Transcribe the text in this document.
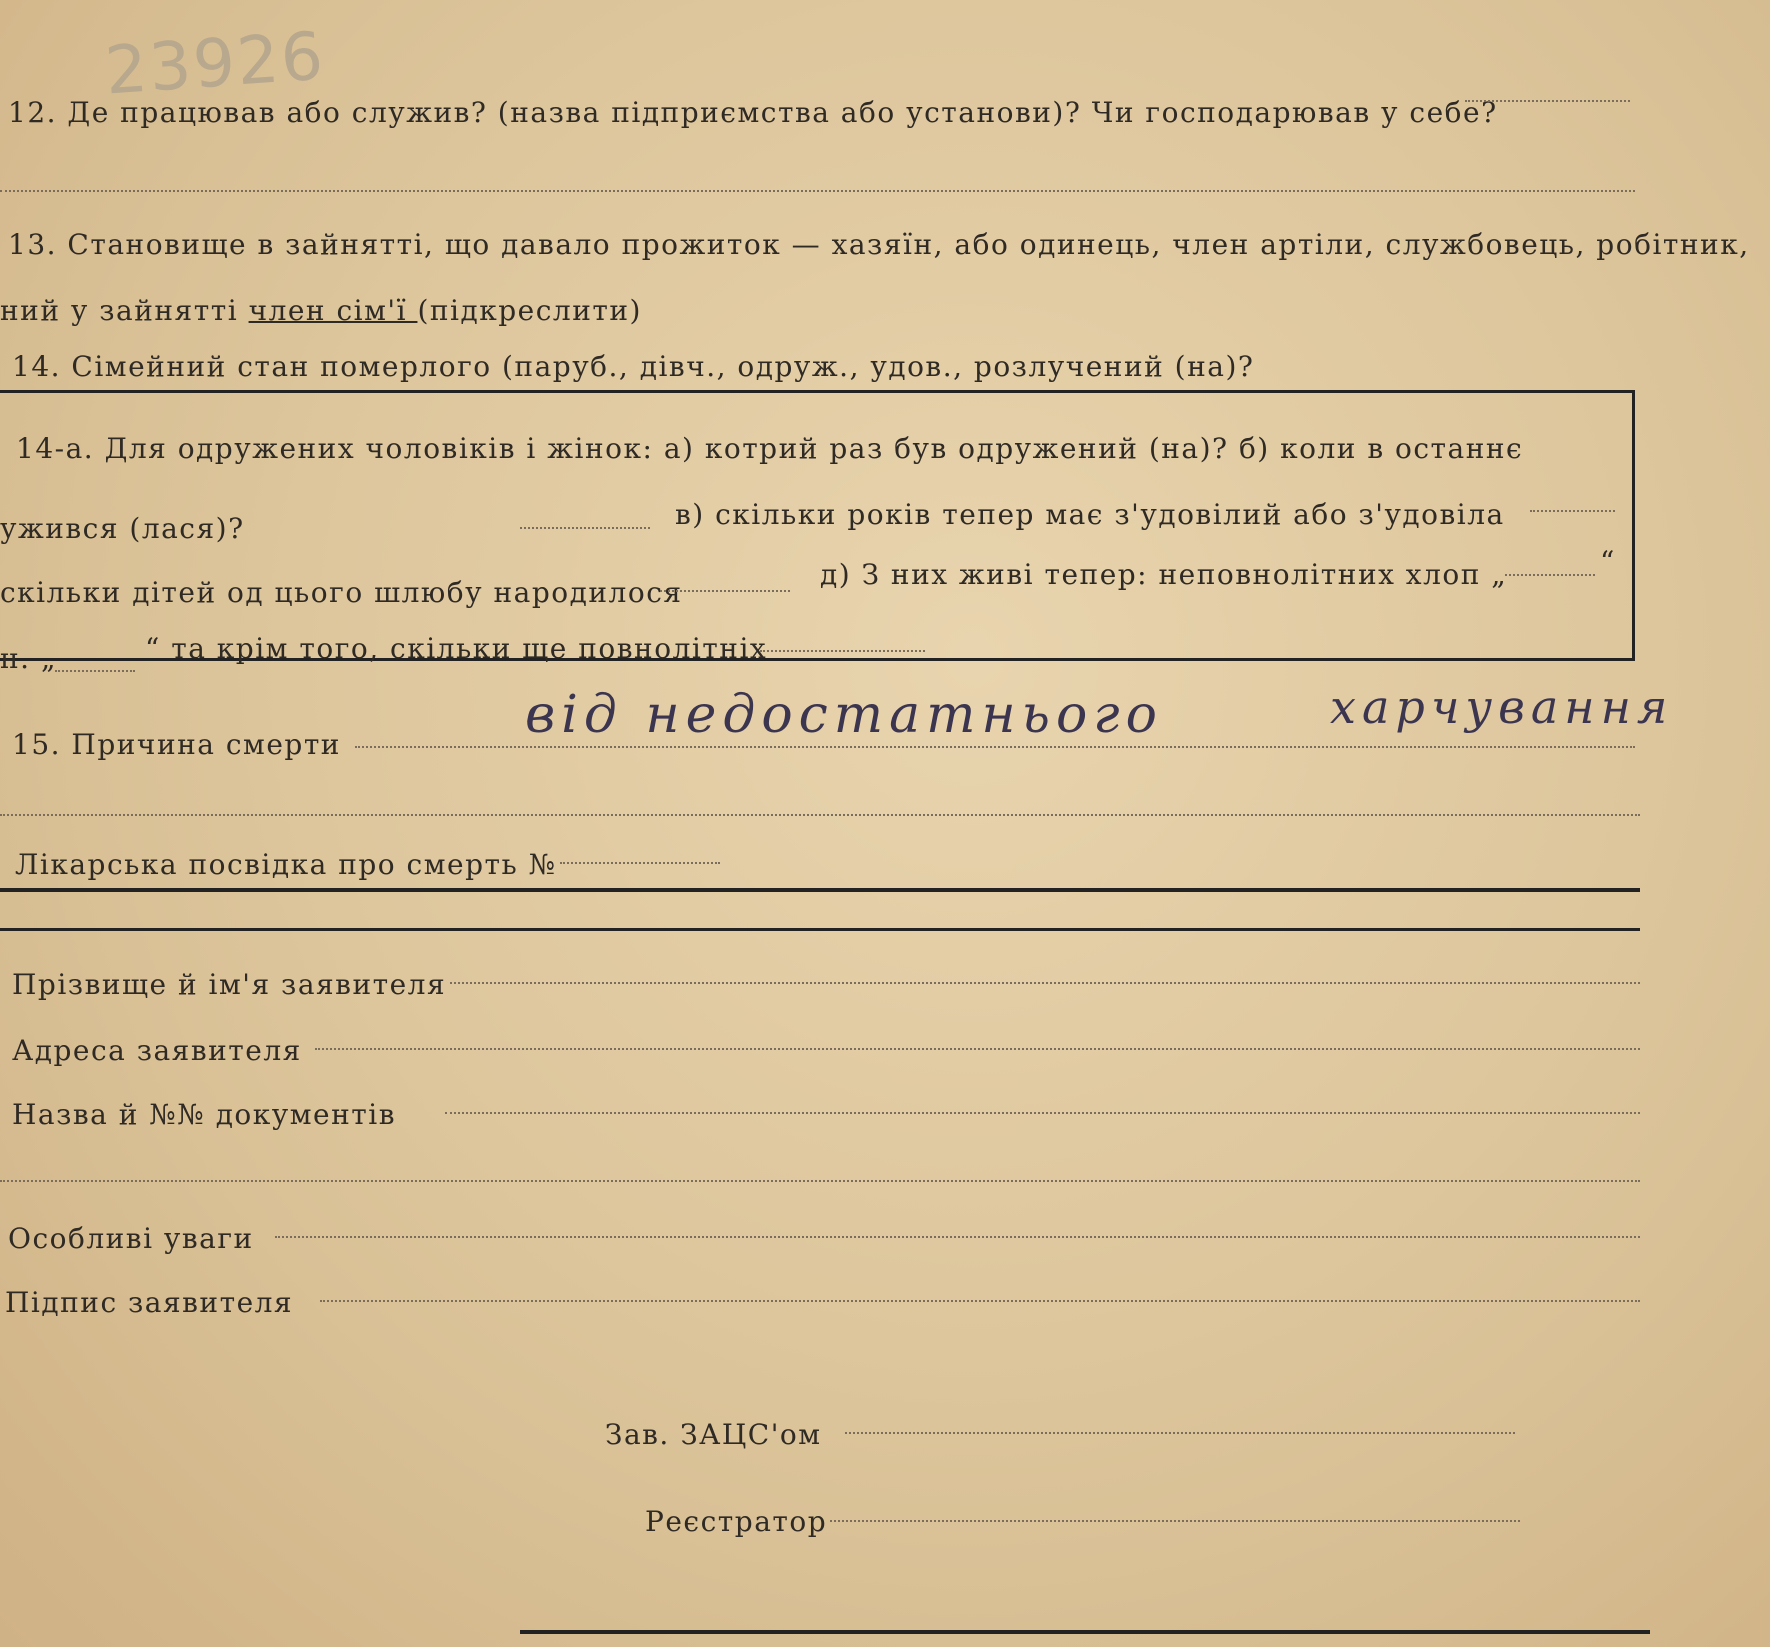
23926
12. Де працював або служив? (назва підприємства або установи)? Чи господарював у себе?
13. Становище в зайнятті, що давало прожиток — хазяїн, або одинець, член артіли, службовець, робітник,
ний у зайнятті член сім'ї (підкреслити)
14. Сімейний стан померлого (паруб., дівч., одруж., удов., розлучений (на)?
14-а. Для одружених чоловіків і жінок: а) котрий раз був одружений (на)? б) коли в останнє
ужився (лася)?	в) скільки років тепер має з'удовілий або з'удовіла
скільки дітей од цього шлюбу народилося
д) З них живі тепер: неповнолітних хлоп „	“
н. „	“ та крім того, скільки ще повнолітніх
15. Причина смерти	від недостатнього	харчування
Лікарська посвідка про смерть №
Прізвище й ім'я заявителя
Адреса заявителя
Назва й №№ документів
Особливі уваги
Підпис заявителя
Зав. ЗАЦС'ом
Реєстратор
